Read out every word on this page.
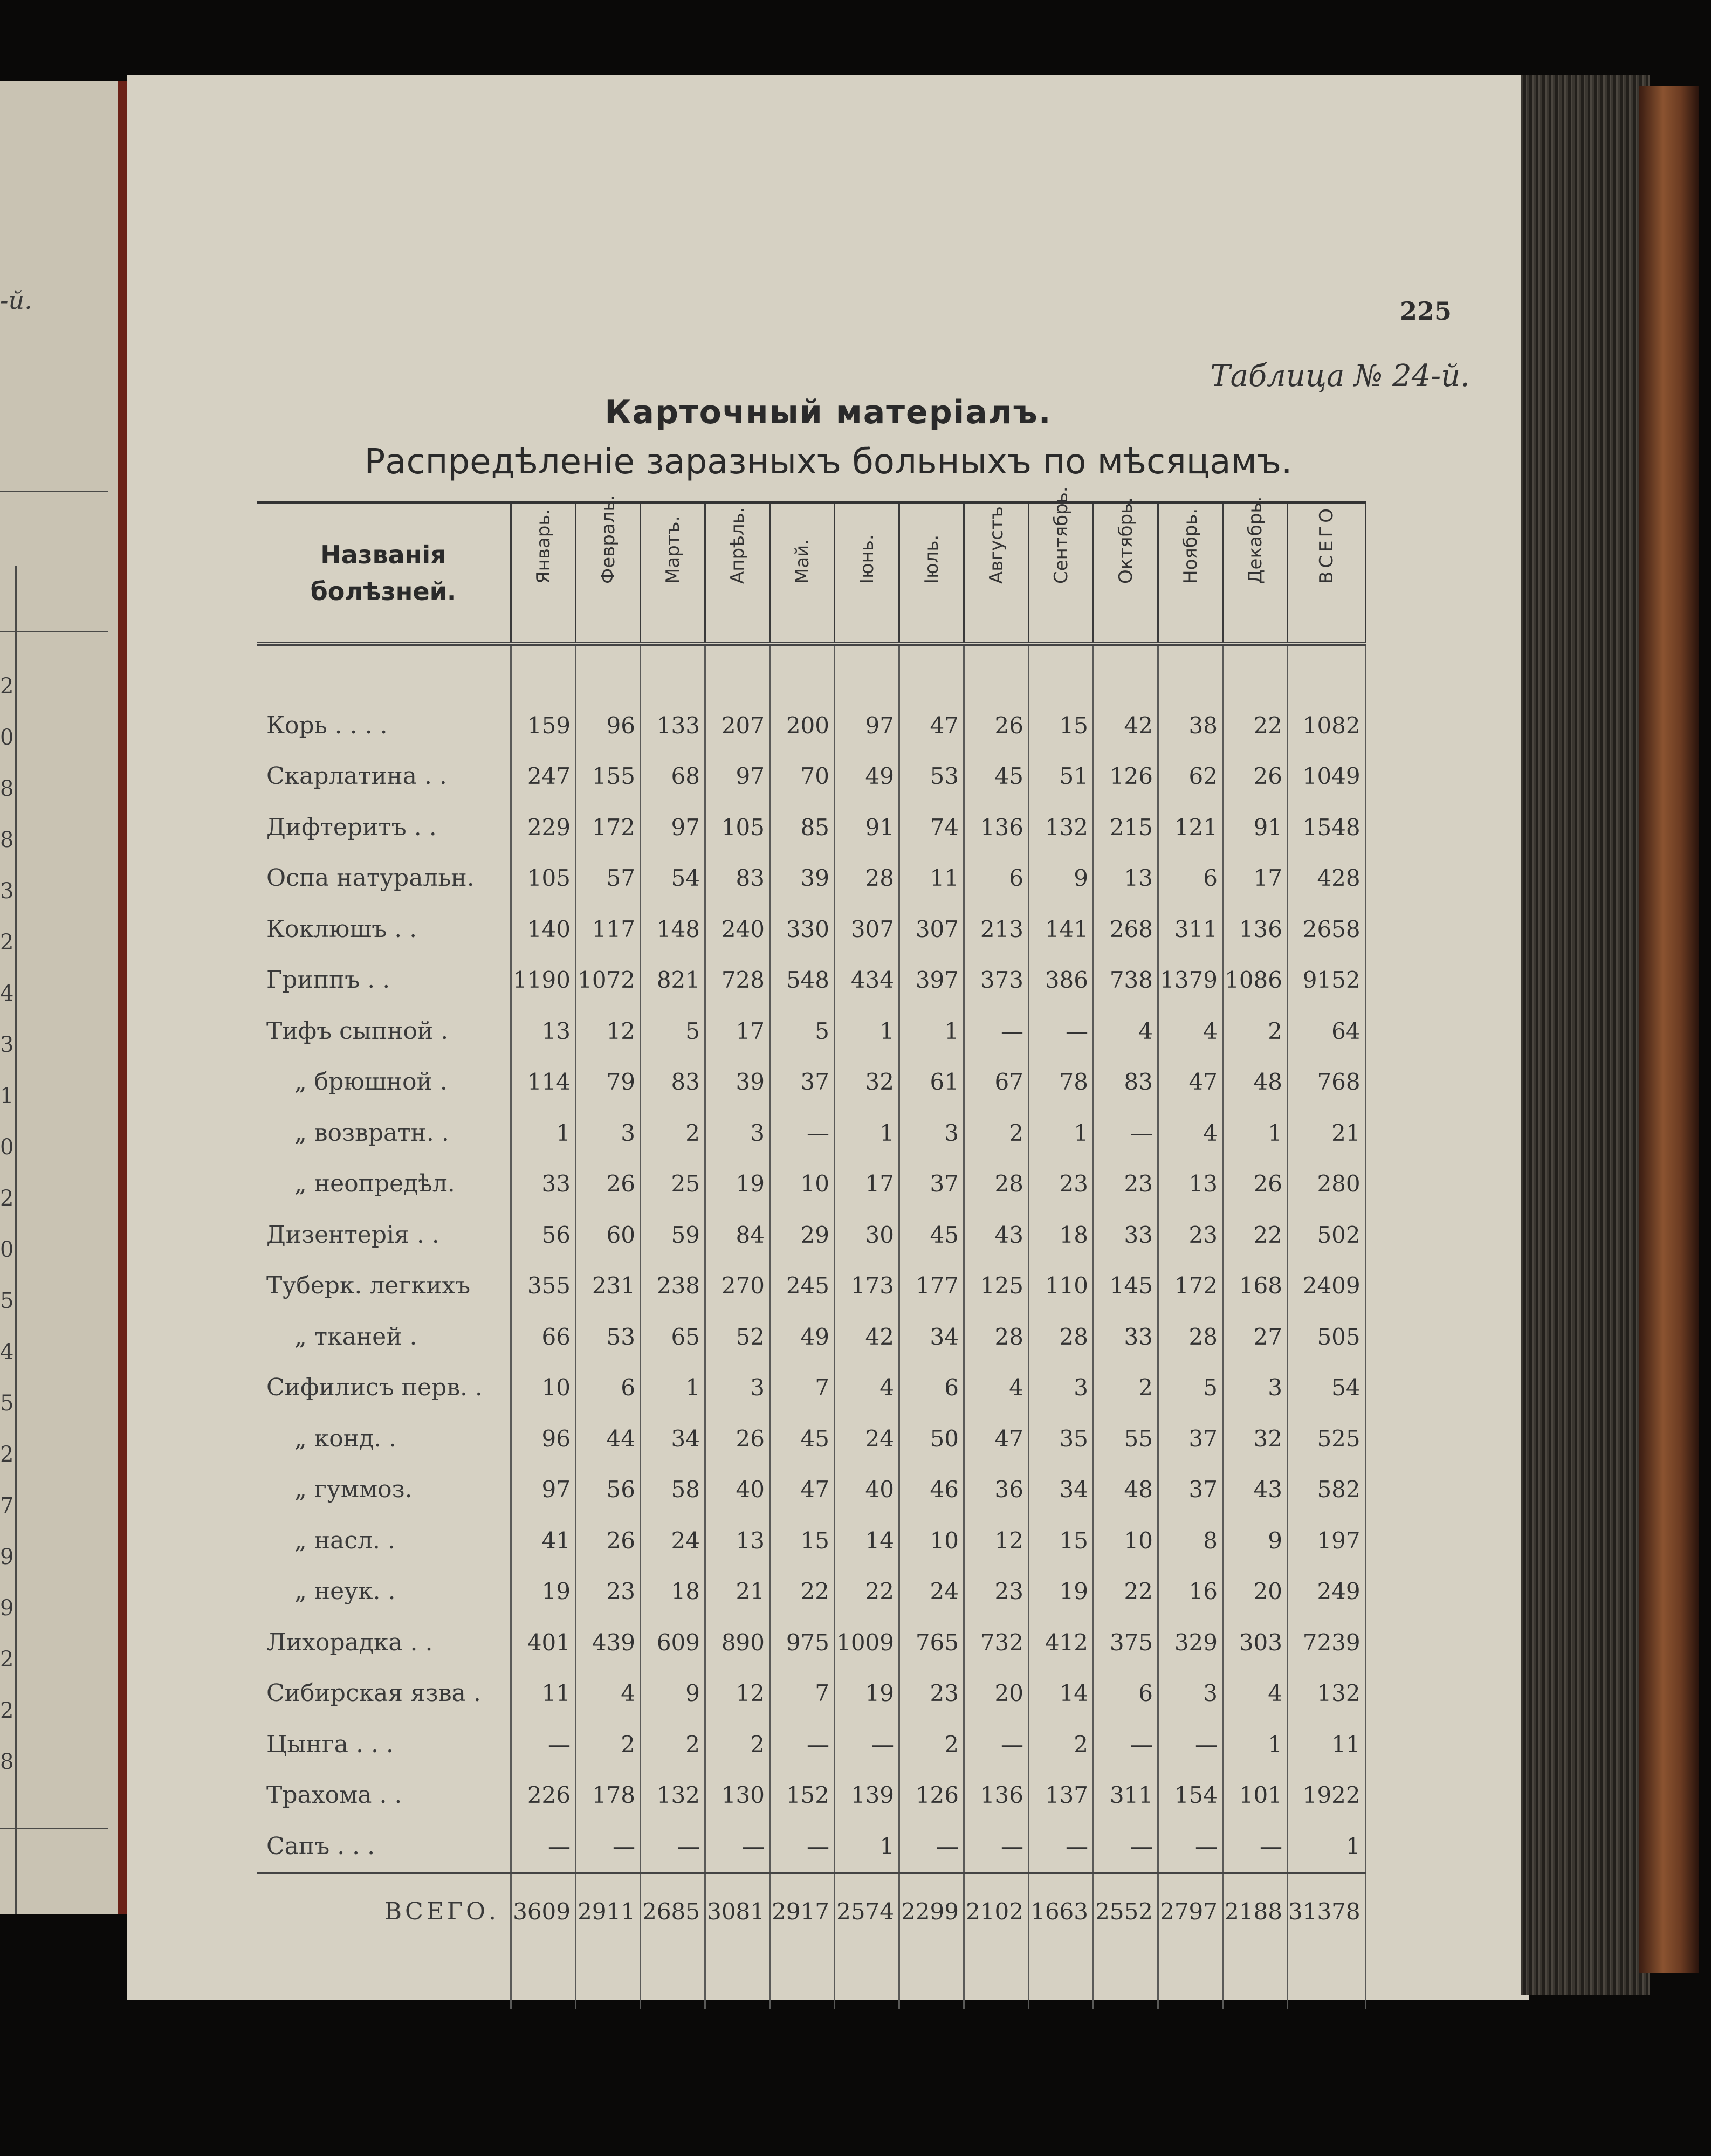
-й.
2
0
8
8
3
2
4
3
1
0
2
0
5
4
5
2
7
9
9
2
2
8
225
Таблица № 24-й.
Карточный матеріалъ.
Распредѣленіе заразныхъ больныхъ по мѣсяцамъ.
Названія болѣзней.	Январь.	Февраль.	Мартъ.	Апрѣль.	Май.	Іюнь.	Іюль.	Августъ	Сентябрь.	Октябрь.	Ноябрь.	Декабрь.	ВСЕГО.

Корь . . . .	159	96	133	207	200	97	47	26	15	42	38	22	1082
Скарлатина . .	247	155	68	97	70	49	53	45	51	126	62	26	1049
Дифтеритъ . .	229	172	97	105	85	91	74	136	132	215	121	91	1548
Оспа натуральн.	105	57	54	83	39	28	11	6	9	13	6	17	428
Коклюшъ . .	140	117	148	240	330	307	307	213	141	268	311	136	2658
Гриппъ . .	1190	1072	821	728	548	434	397	373	386	738	1379	1086	9152
Тифъ сыпной .	13	12	5	17	5	1	1	—	—	4	4	2	64
„ брюшной .	114	79	83	39	37	32	61	67	78	83	47	48	768
„ возвратн. .	1	3	2	3	—	1	3	2	1	—	4	1	21
„ неопредѣл.	33	26	25	19	10	17	37	28	23	23	13	26	280
Дизентерія . .	56	60	59	84	29	30	45	43	18	33	23	22	502
Туберк. легкихъ	355	231	238	270	245	173	177	125	110	145	172	168	2409
„ тканей .	66	53	65	52	49	42	34	28	28	33	28	27	505
Сифилисъ перв. .	10	6	1	3	7	4	6	4	3	2	5	3	54
„ конд. .	96	44	34	26	45	24	50	47	35	55	37	32	525
„ гуммоз.	97	56	58	40	47	40	46	36	34	48	37	43	582
„ насл. .	41	26	24	13	15	14	10	12	15	10	8	9	197
„ неук. .	19	23	18	21	22	22	24	23	19	22	16	20	249
Лихорадка . .	401	439	609	890	975	1009	765	732	412	375	329	303	7239
Сибирская язва .	11	4	9	12	7	19	23	20	14	6	3	4	132
Цынга . . .	—	2	2	2	—	—	2	—	2	—	—	1	11
Трахома . .	226	178	132	130	152	139	126	136	137	311	154	101	1922
Сапъ . . .	—	—	—	—	—	1	—	—	—	—	—	—	1
ВСЕГО.	3609	2911	2685	3081	2917	2574	2299	2102	1663	2552	2797	2188	31378
